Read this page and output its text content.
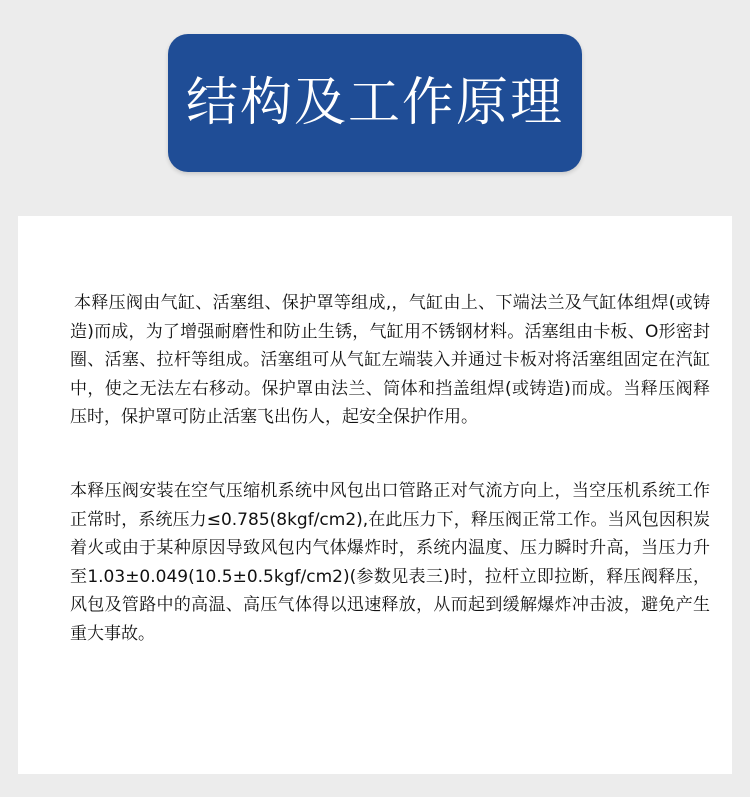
结构及工作原理

本释压阀由气缸、活塞组、保护罩等组成,，气缸由上、下端法兰及气缸体组焊(或铸造)而成，为了增强耐磨性和防止生锈，气缸用不锈钢材料。活塞组由卡板、O形密封圈、活塞、拉杆等组成。活塞组可从气缸左端装入并通过卡板对将活塞组固定在汽缸中，使之无法左右移动。保护罩由法兰、筒体和挡盖组焊(或铸造)而成。当释压阀释压时，保护罩可防止活塞飞出伤人，起安全保护作用。

本释压阀安装在空气压缩机系统中风包出口管路正对气流方向上，当空压机系统工作正常时，系统压力≤0.785(8kgf/cm2),在此压力下，释压阀正常工作。当风包因积炭着火或由于某种原因导致风包内气体爆炸时，系统内温度、压力瞬时升高，当压力升至1.03±0.049(10.5±0.5kgf/cm2)(参数见表三)时，拉杆立即拉断，释压阀释压，风包及管路中的高温、高压气体得以迅速释放，从而起到缓解爆炸冲击波，避免产生重大事故。
